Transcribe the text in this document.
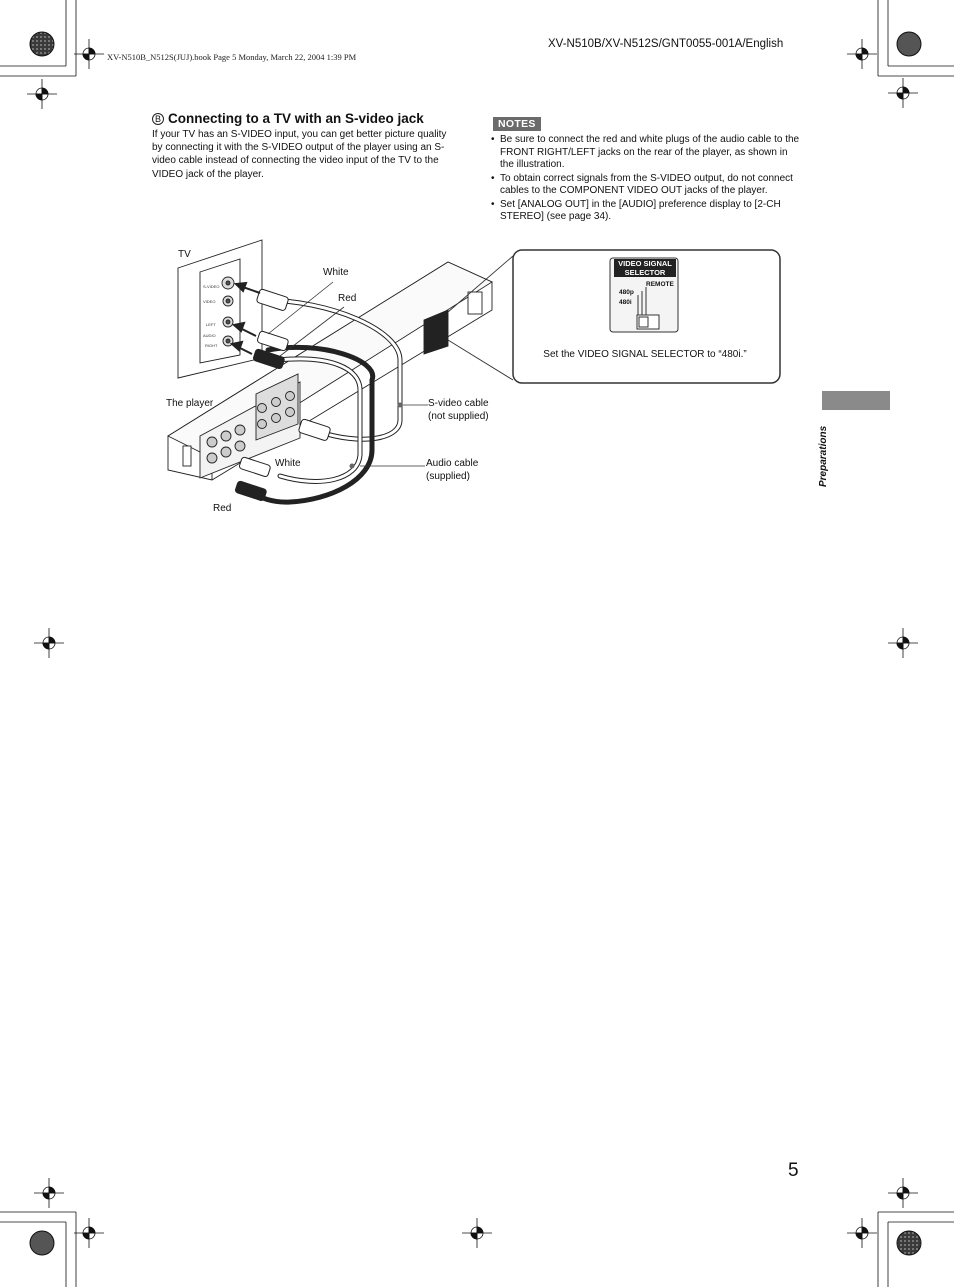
XV-N510B_N512S(JUJ).book Page 5 Monday, March 22, 2004 1:39 PM
XV-N510B/XV-N512S/GNT0055-001A/English
B Connecting to a TV with an S-video jack
If your TV has an S-VIDEO input, you can get better picture quality by connecting it with the S-VIDEO output of the player using an S-video cable instead of connecting the video input of the TV to the VIDEO jack of the player.
NOTES
• Be sure to connect the red and white plugs of the audio cable to the FRONT RIGHT/LEFT jacks on the rear of the player, as shown in the illustration.
• To obtain correct signals from the S-VIDEO output, do not connect cables to the COMPONENT VIDEO OUT jacks of the player.
• Set [ANALOG OUT] in the [AUDIO] preference display to [2-CH STEREO] (see page 34).
S-VIDEO
VIDEO
LEFT
AUDIO
RIGHT
VIDEO SIGNAL
SELECTOR
REMOTE
480p
480i
Set the VIDEO SIGNAL SELECTOR to “480i.”
TV
White
Red
The player	S-video cable
(not supplied)
White	Audio cable
(supplied)
Red
Preparations
5
